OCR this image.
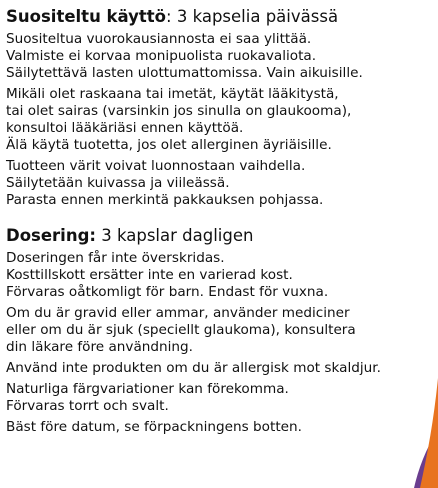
Suositeltu käyttö: 3 kapselia päivässä
Suositeltua vuorokausiannosta ei saa ylittää.
Valmiste ei korvaa monipuolista ruokavaliota.
Säilytettävä lasten ulottumattomissa. Vain aikuisille.
Mikäli olet raskaana tai imetät, käytät lääkitystä,
tai olet sairas (varsinkin jos sinulla on glaukooma),
konsultoi lääkäriäsi ennen käyttöä.
Älä käytä tuotetta, jos olet allerginen äyriäisille.
Tuotteen värit voivat luonnostaan vaihdella.
Säilytetään kuivassa ja viileässä.
Parasta ennen merkintä pakkauksen pohjassa.
Dosering: 3 kapslar dagligen
Doseringen får inte överskridas.
Kosttillskott ersätter inte en varierad kost.
Förvaras oåtkomligt för barn. Endast för vuxna.
Om du är gravid eller ammar, använder mediciner
eller om du är sjuk (speciellt glaukoma), konsultera
din läkare före användning.
Använd inte produkten om du är allergisk mot skaldjur.
Naturliga färgvariationer kan förekomma.
Förvaras torrt och svalt.
Bäst före datum, se förpackningens botten.
